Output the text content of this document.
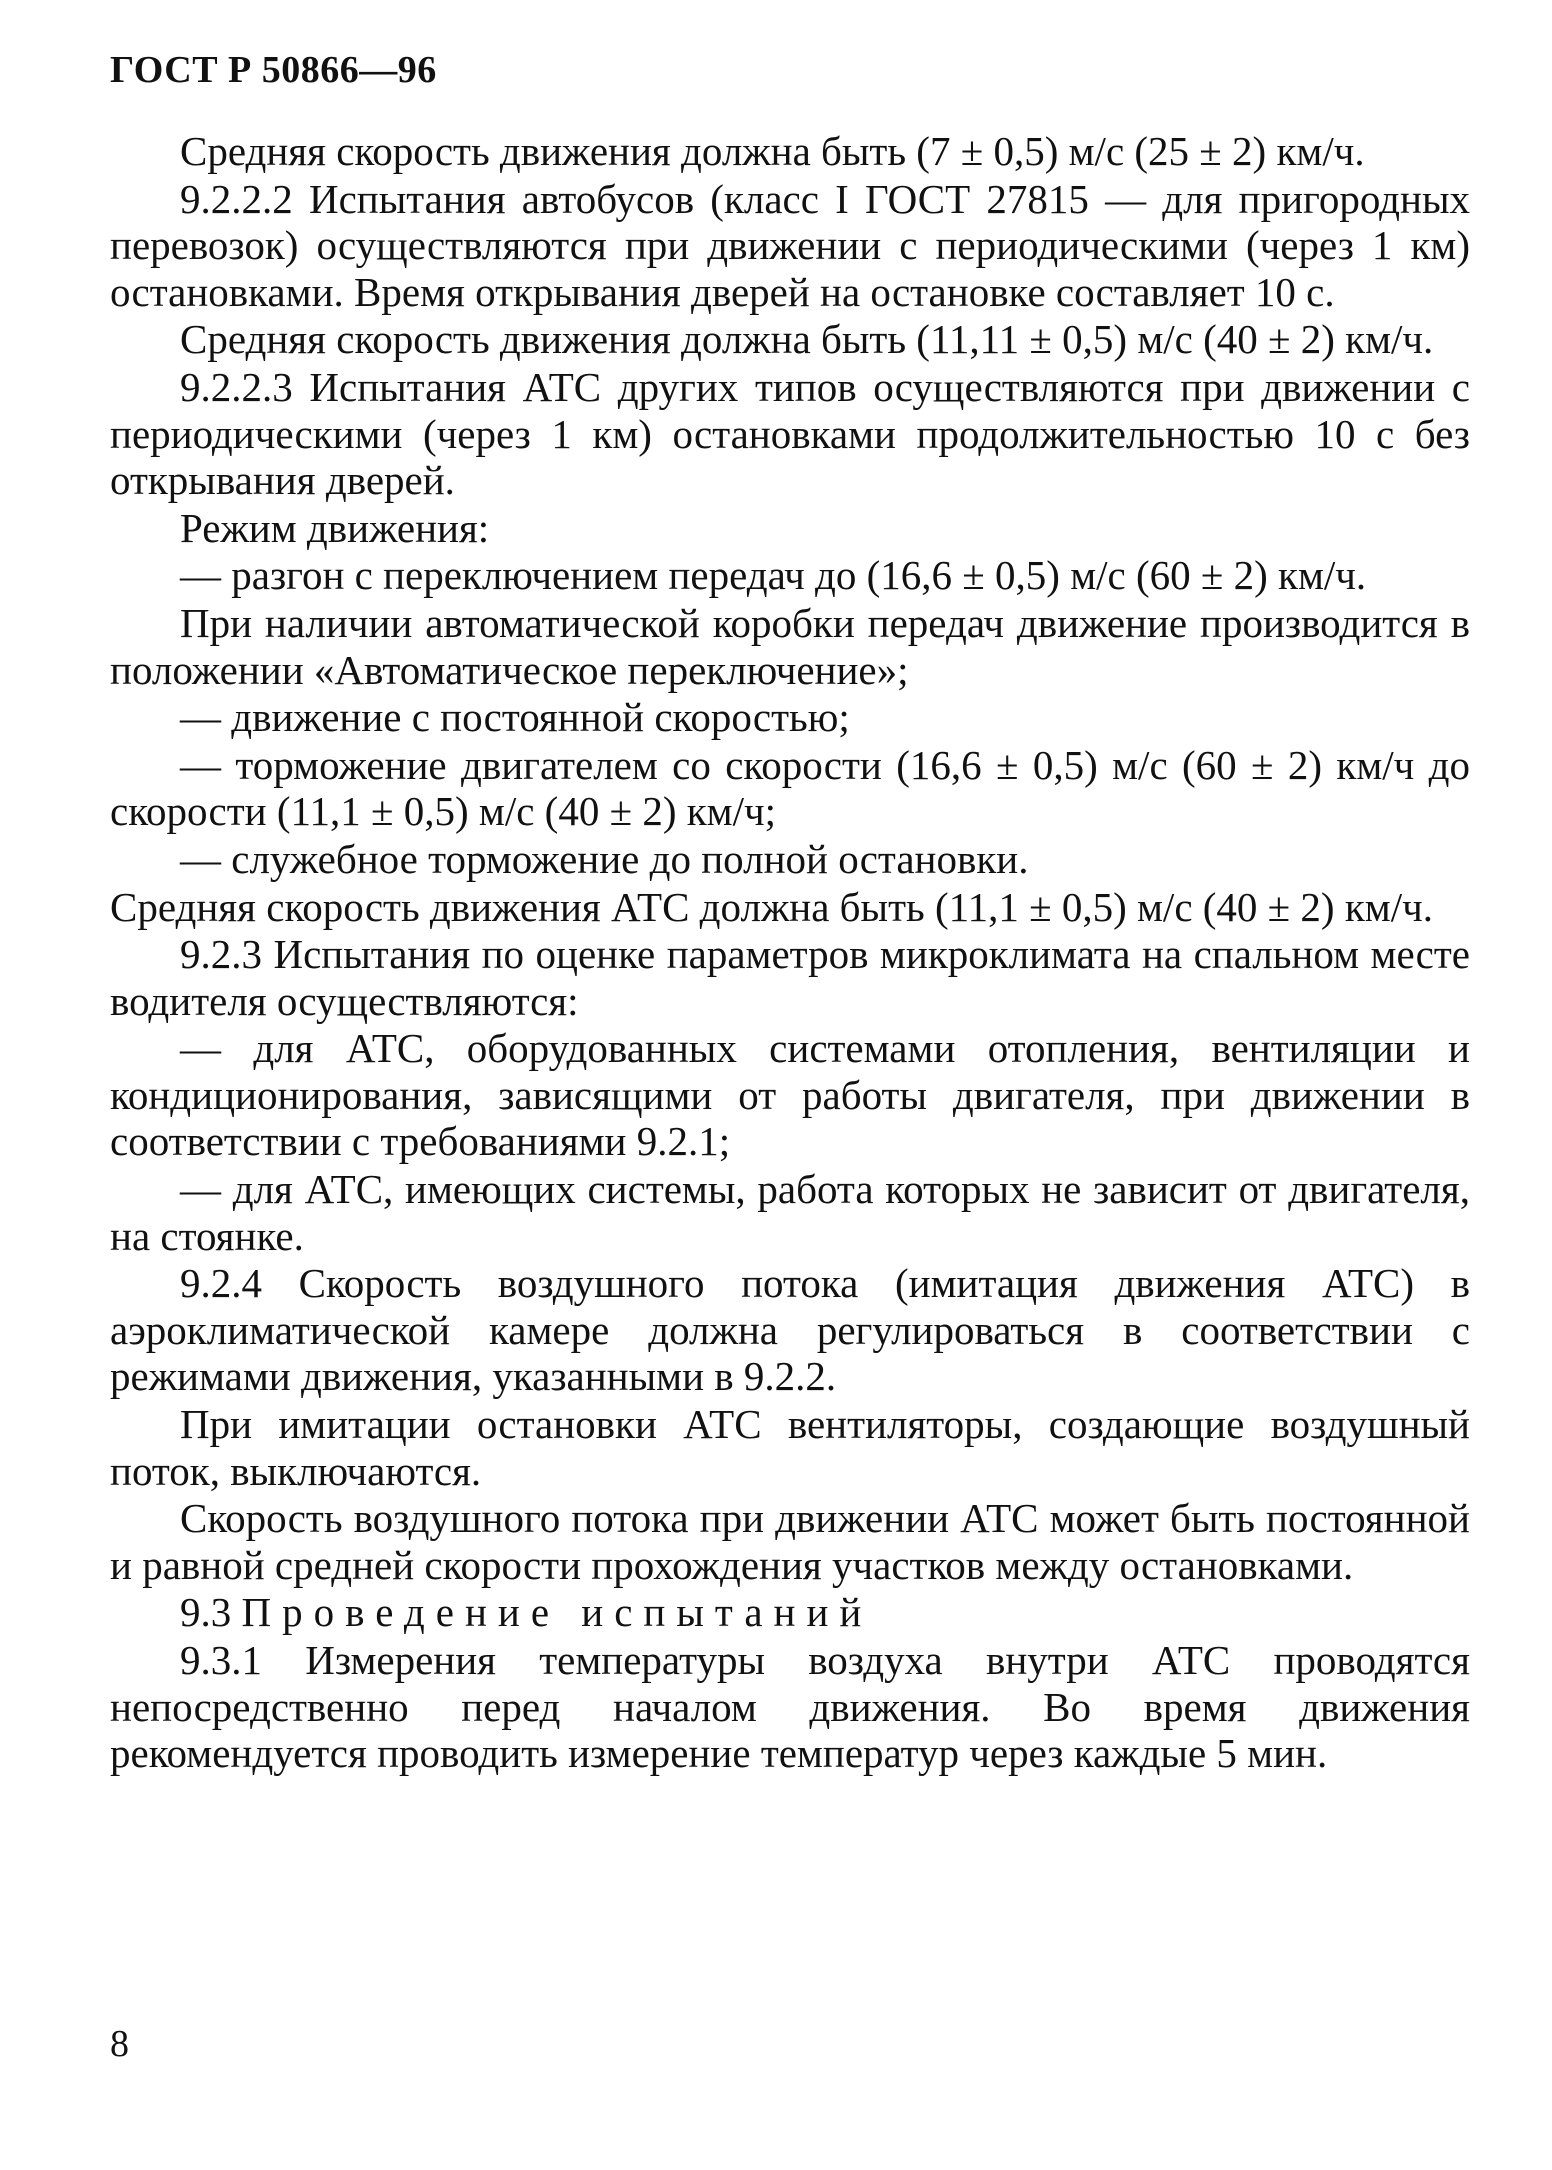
ГОСТ Р 50866—96

Средняя скорость движения должна быть (7 ± 0,5) м/с (25 ± 2) км/ч.

9.2.2.2 Испытания автобусов (класс I ГОСТ 27815 — для пригородных перевозок) осуществляются при движении с периодическими (через 1 км) остановками. Время открывания дверей на остановке составляет 10 с.

Средняя скорость движения должна быть (11,11 ± 0,5) м/с (40 ± 2) км/ч.

9.2.2.3 Испытания АТС других типов осуществляются при движении с периодическими (через 1 км) остановками продолжительностью 10 с без открывания дверей.

Режим движения:

— разгон с переключением передач до (16,6 ± 0,5) м/с (60 ± 2) км/ч.

При наличии автоматической коробки передач движение производится в положении «Автоматическое переключение»;

— движение с постоянной скоростью;

— торможение двигателем со скорости (16,6 ± 0,5) м/с (60 ± 2) км/ч до скорости (11,1 ± 0,5) м/с (40 ± 2) км/ч;

— служебное торможение до полной остановки.

Средняя скорость движения АТС должна быть (11,1 ± 0,5) м/с (40 ± 2) км/ч.

9.2.3 Испытания по оценке параметров микроклимата на спальном месте водителя осуществляются:

— для АТС, оборудованных системами отопления, вентиляции и кондиционирования, зависящими от работы двигателя, при движении в соответствии с требованиями 9.2.1;

— для АТС, имеющих системы, работа которых не зависит от двигателя, на стоянке.

9.2.4 Скорость воздушного потока (имитация движения АТС) в аэроклиматической камере должна регулироваться в соответствии с режимами движения, указанными в 9.2.2.

При имитации остановки АТС вентиляторы, создающие воздушный поток, выключаются.

Скорость воздушного потока при движении АТС может быть постоянной и равной средней скорости прохождения участков между остановками.

9.3 Проведение испытаний

9.3.1 Измерения температуры воздуха внутри АТС проводятся непосредственно перед началом движения. Во время движения рекомендуется проводить измерение температур через каждые 5 мин.

8
